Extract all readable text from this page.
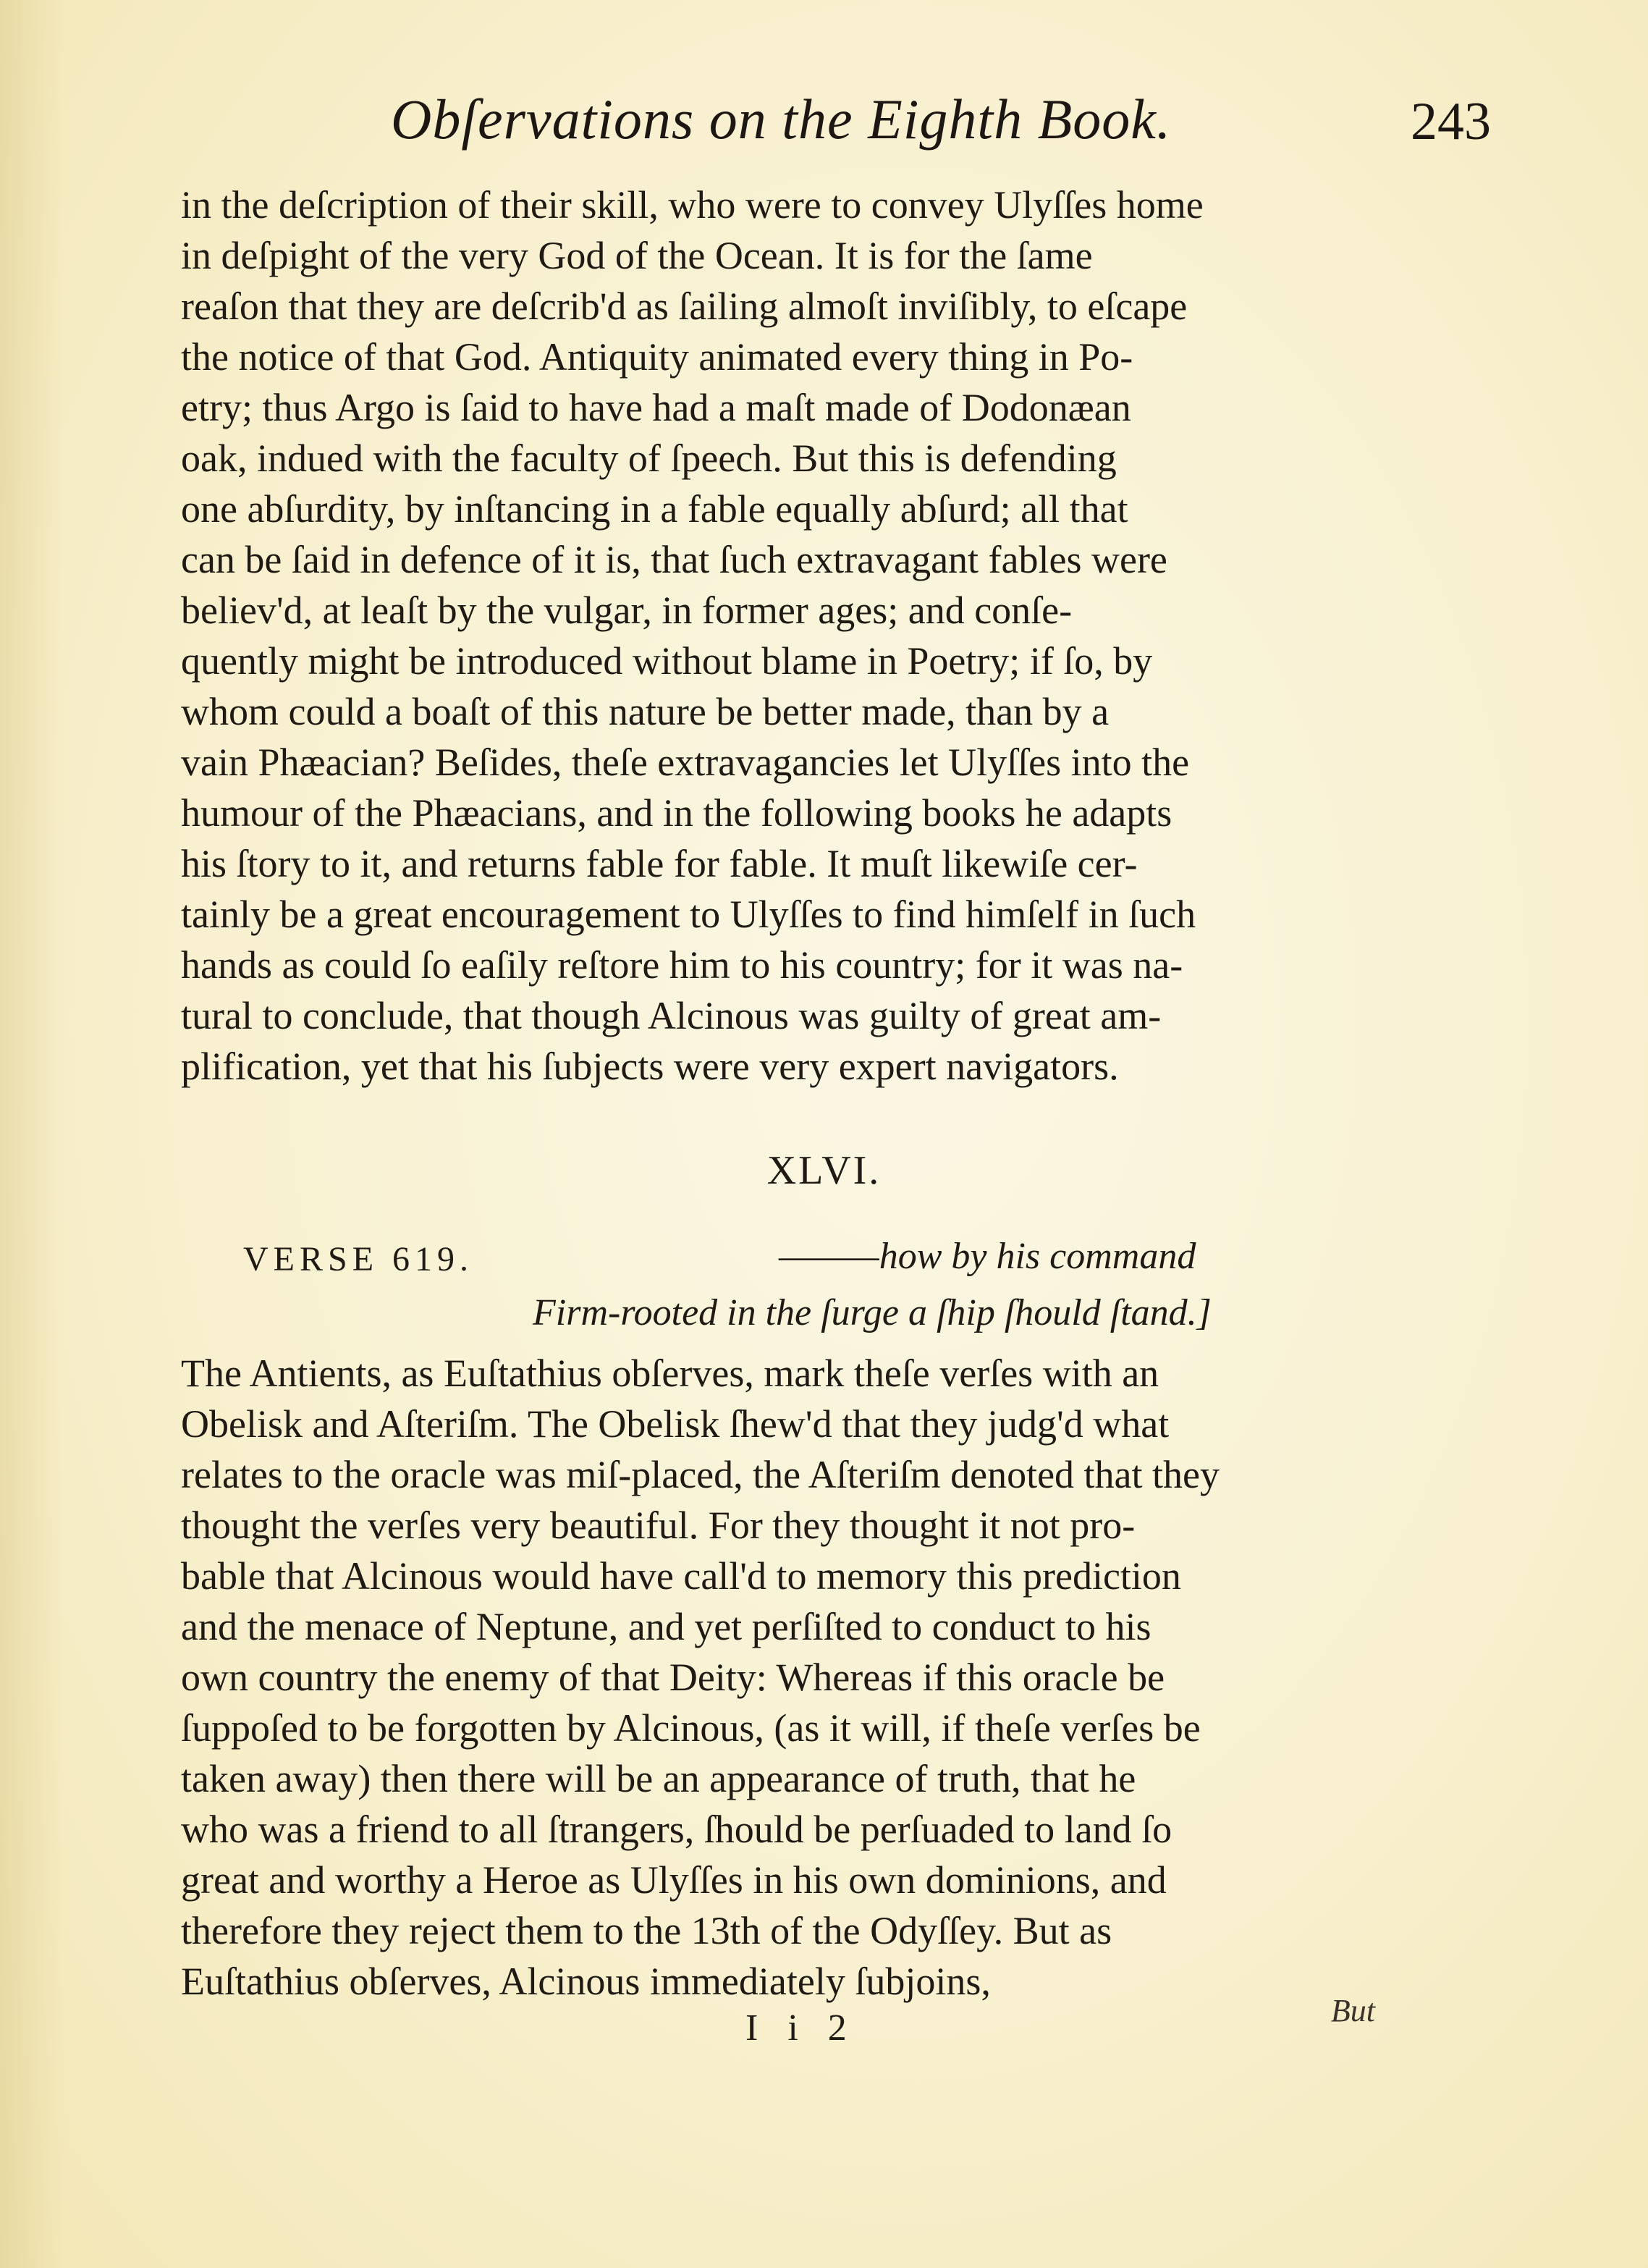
Obſervations on the Eighth Book.	243

in the deſcription of their skill, who were to convey Ulyſſes home

in deſpight of the very God of the Ocean. It is for the ſame

reaſon that they are deſcrib'd as ſailing almoſt inviſibly, to eſcape

the notice of that God. Antiquity animated every thing in Po-

etry; thus Argo is ſaid to have had a maſt made of Dodonæan

oak, indued with the faculty of ſpeech. But this is defending

one abſurdity, by inſtancing in a fable equally abſurd; all that

can be ſaid in defence of it is, that ſuch extravagant fables were

believ'd, at leaſt by the vulgar, in former ages; and conſe-

quently might be introduced without blame in Poetry; if ſo, by

whom could a boaſt of this nature be better made, than by a

vain Phæacian? Beſides, theſe extravagancies let Ulyſſes into the

humour of the Phæacians, and in the following books he adapts

his ſtory to it, and returns fable for fable. It muſt likewiſe cer-

tainly be a great encouragement to Ulyſſes to find himſelf in ſuch

hands as could ſo eaſily reſtore him to his country; for it was na-

tural to conclude, that though Alcinous was guilty of great am-

plification, yet that his ſubjects were very expert navigators.

XLVI.
VERSE 619.	———how by his command
Firm-rooted in the ſurge a ſhip ſhould ſtand.]

The Antients, as Euſtathius obſerves, mark theſe verſes with an

Obelisk and Aſteriſm. The Obelisk ſhew'd that they judg'd what

relates to the oracle was miſ-placed, the Aſteriſm denoted that they

thought the verſes very beautiful. For they thought it not pro-

bable that Alcinous would have call'd to memory this prediction

and the menace of Neptune, and yet perſiſted to conduct to his

own country the enemy of that Deity: Whereas if this oracle be

ſuppoſed to be forgotten by Alcinous, (as it will, if theſe verſes be

taken away) then there will be an appearance of truth, that he

who was a friend to all ſtrangers, ſhould be perſuaded to land ſo

great and worthy a Heroe as Ulyſſes in his own dominions, and

therefore they reject them to the 13th of the Odyſſey. But as

Euſtathius obſerves, Alcinous immediately ſubjoins,

I i 2	But
